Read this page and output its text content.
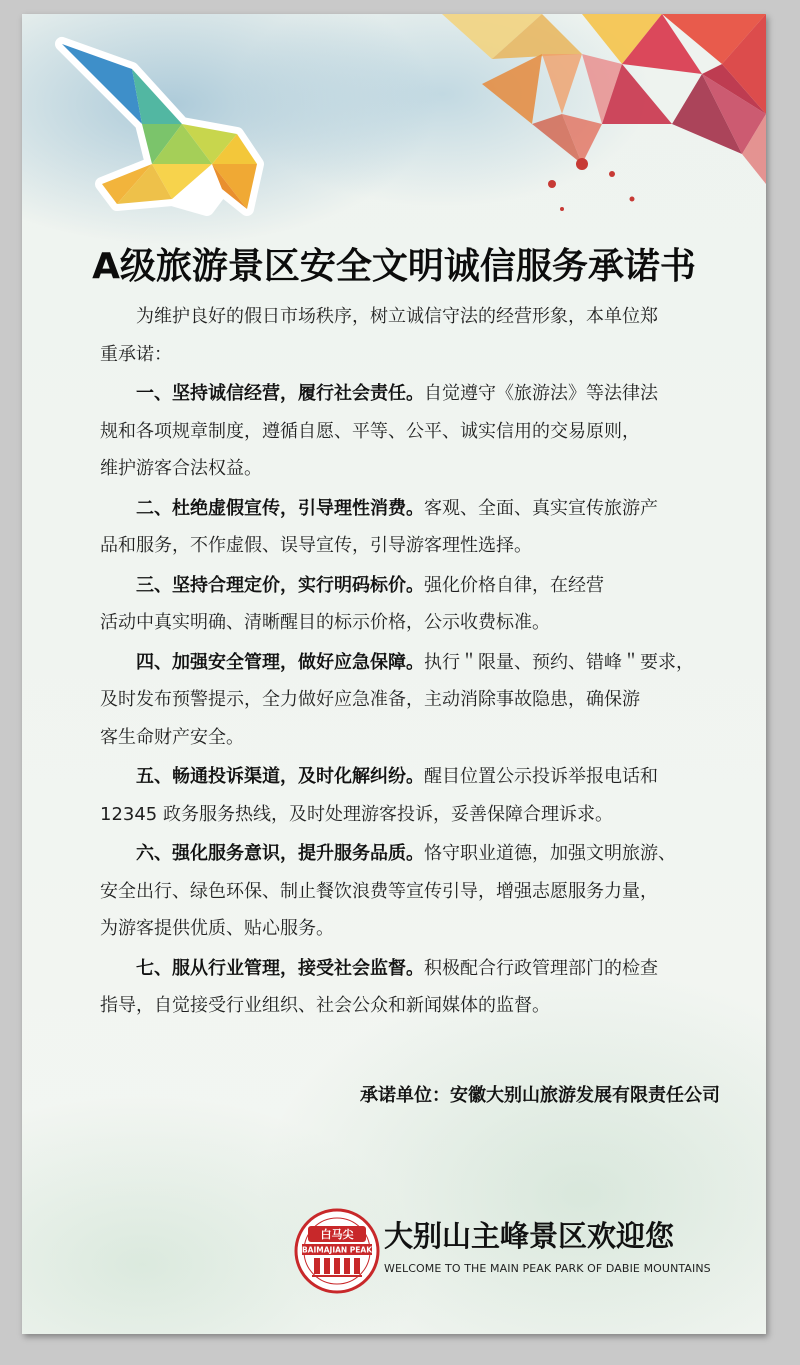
A级旅游景区安全文明诚信服务承诺书
为维护良好的假日市场秩序，树立诚信守法的经营形象，本单位郑
重承诺：
一、坚持诚信经营，履行社会责任。自觉遵守《旅游法》等法律法
规和各项规章制度，遵循自愿、平等、公平、诚实信用的交易原则，
维护游客合法权益。
二、杜绝虚假宣传，引导理性消费。客观、全面、真实宣传旅游产
品和服务，不作虚假、误导宣传，引导游客理性选择。
三、坚持合理定价，实行明码标价。强化价格自律，在经营
活动中真实明确、清晰醒目的标示价格，公示收费标准。
四、加强安全管理，做好应急保障。执行＂限量、预约、错峰＂要求，
及时发布预警提示，全力做好应急准备，主动消除事故隐患，确保游
客生命财产安全。
五、畅通投诉渠道，及时化解纠纷。醒目位置公示投诉举报电话和
12345 政务服务热线，及时处理游客投诉，妥善保障合理诉求。
六、强化服务意识，提升服务品质。恪守职业道德，加强文明旅游、
安全出行、绿色环保、制止餐饮浪费等宣传引导，增强志愿服务力量，
为游客提供优质、贴心服务。
七、服从行业管理，接受社会监督。积极配合行政管理部门的检查
指导，自觉接受行业组织、社会公众和新闻媒体的监督。
承诺单位：安徽大别山旅游发展有限责任公司
白马尖
BAIMAJIAN PEAK 大别山主峰景区欢迎您
WELCOME TO THE MAIN PEAK PARK OF DABIE MOUNTAINS
